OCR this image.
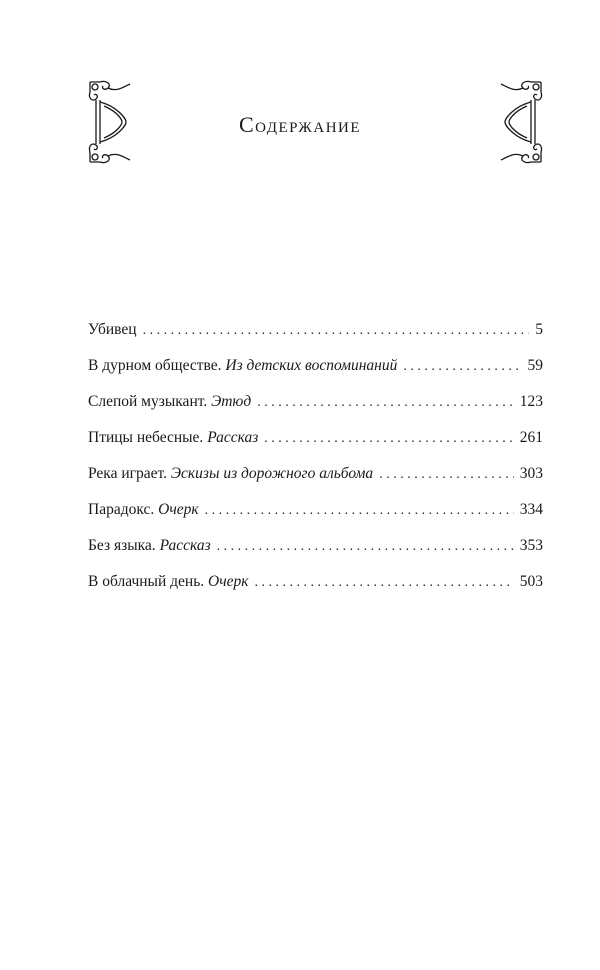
Содержание
Убивец . . .	5
В дурном обществе. Из детских воспоминаний . . .	59
Слепой музыкант. Этюд . . .	123
Птицы небесные. Рассказ . . .	261
Река играет. Эскизы из дорожного альбома . . .	303
Парадокс. Очерк . . .	334
Без языка. Рассказ . . .	353
В облачный день. Очерк . . .	503
